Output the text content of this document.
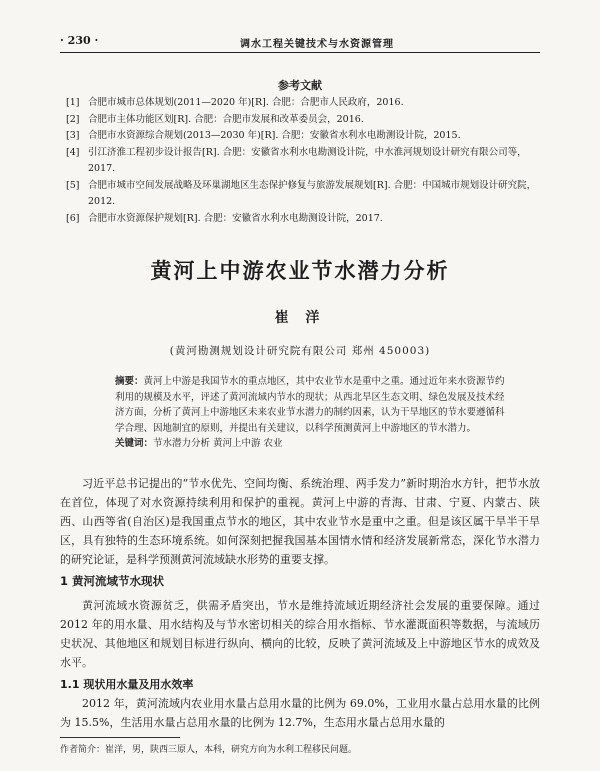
· 230 ·	调水工程关键技术与水资源管理
参考文献
[1] 合肥市城市总体规划(2011—2020 年)[R]. 合肥：合肥市人民政府，2016.
[2] 合肥市主体功能区划[R]. 合肥：合肥市发展和改革委员会，2016.
[3] 合肥市水资源综合规划(2013—2030 年)[R]. 合肥：安徽省水利水电勘测设计院，2015.
[4] 引江济淮工程初步设计报告[R]. 合肥：安徽省水利水电勘测设计院，中水淮河规划设计研究有限公司等，2017.
[5] 合肥市城市空间发展战略及环巢湖地区生态保护修复与旅游发展规划[R]. 合肥：中国城市规划设计研究院，2012.
[6] 合肥市水资源保护规划[R]. 合肥：安徽省水利水电勘测设计院，2017.
黄河上中游农业节水潜力分析
崔 洋
(黄河勘测规划设计研究院有限公司 郑州 450003)
摘要：黄河上中游是我国节水的重点地区，其中农业节水是重中之重。通过近年来水资源节约利用的规模及水平，评述了黄河流域内节水的现状；从西北旱区生态文明、绿色发展及技术经济方面，分析了黄河上中游地区未来农业节水潜力的制约因素，认为干旱地区的节水要遵循科学合理、因地制宜的原则，并提出有关建议，以科学预测黄河上中游地区的节水潜力。
关键词：节水潜力分析 黄河上中游 农业

习近平总书记提出的“节水优先、空间均衡、系统治理、两手发力”新时期治水方针，把节水放在首位，体现了对水资源持续利用和保护的重视。黄河上中游的青海、甘肃、宁夏、内蒙古、陕西、山西等省(自治区)是我国重点节水的地区，其中农业节水是重中之重。但是该区属干旱半干旱区，具有独特的生态环境系统。如何深刻把握我国基本国情水情和经济发展新常态，深化节水潜力的研究论证，是科学预测黄河流域缺水形势的重要支撑。

1 黄河流域节水现状

黄河流域水资源贫乏，供需矛盾突出，节水是维持流域近期经济社会发展的重要保障。通过 2012 年的用水量、用水结构及与节水密切相关的综合用水指标、节水灌溉面积等数据，与流域历史状况、其他地区和规划目标进行纵向、横向的比较，反映了黄河流域及上中游地区节水的成效及水平。

1.1 现状用水量及用水效率

2012 年，黄河流域内农业用水量占总用水量的比例为 69.0%，工业用水量占总用水量的比例为 15.5%，生活用水量占总用水量的比例为 12.7%，生态用水量占总用水量的

作者简介：崔洋，男，陕西三原人，本科，研究方向为水利工程移民问题。
